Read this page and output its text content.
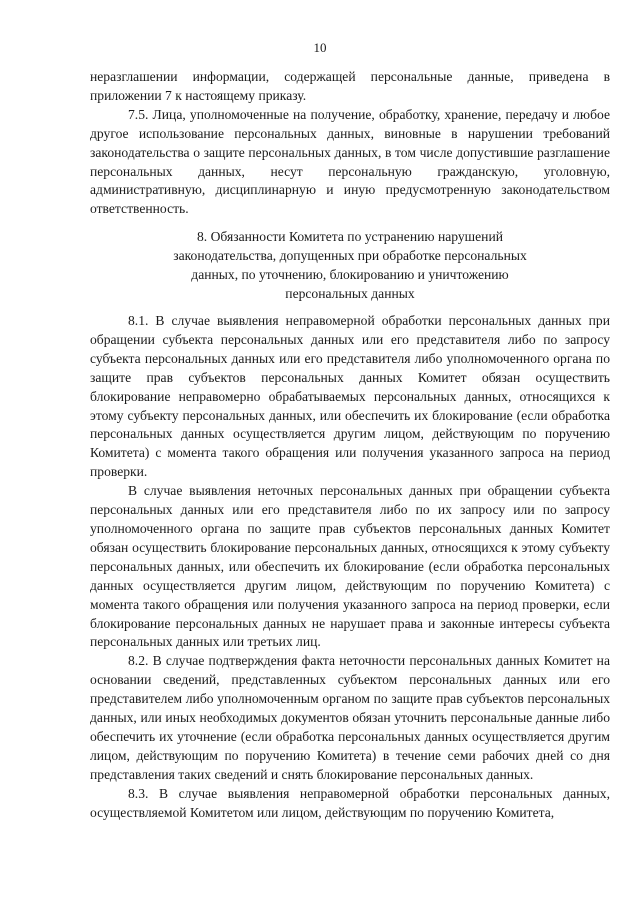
10

неразглашении информации, содержащей персональные данные, приведена в приложении 7 к настоящему приказу.

7.5. Лица, уполномоченные на получение, обработку, хранение, передачу и любое другое использование персональных данных, виновные в нарушении требований законодательства о защите персональных данных, в том числе допустившие разглашение персональных данных, несут персональную гражданскую, уголовную, административную, дисциплинарную и иную предусмотренную законодательством ответственность.

8. Обязанности Комитета по устранению нарушений

законодательства, допущенных при обработке персональных

данных, по уточнению, блокированию и уничтожению

персональных данных

8.1. В случае выявления неправомерной обработки персональных данных при обращении субъекта персональных данных или его представителя либо по запросу субъекта персональных данных или его представителя либо уполномоченного органа по защите прав субъектов персональных данных Комитет обязан осуществить блокирование неправомерно обрабатываемых персональных данных, относящихся к этому субъекту персональных данных, или обеспечить их блокирование (если обработка персональных данных осуществляется другим лицом, действующим по поручению Комитета) с момента такого обращения или получения указанного запроса на период проверки.

В случае выявления неточных персональных данных при обращении субъекта персональных данных или его представителя либо по их запросу или по запросу уполномоченного органа по защите прав субъектов персональных данных Комитет обязан осуществить блокирование персональных данных, относящихся к этому субъекту персональных данных, или обеспечить их блокирование (если обработка персональных данных осуществляется другим лицом, действующим по поручению Комитета) с момента такого обращения или получения указанного запроса на период проверки, если блокирование персональных данных не нарушает права и законные интересы субъекта персональных данных или третьих лиц.

8.2. В случае подтверждения факта неточности персональных данных Комитет на основании сведений, представленных субъектом персональных данных или его представителем либо уполномоченным органом по защите прав субъектов персональных данных, или иных необходимых документов обязан уточнить персональные данные либо обеспечить их уточнение (если обработка персональных данных осуществляется другим лицом, действующим по поручению Комитета) в течение семи рабочих дней со дня представления таких сведений и снять блокирование персональных данных.

8.3. В случае выявления неправомерной обработки персональных данных, осуществляемой Комитетом или лицом, действующим по поручению Комитета,
